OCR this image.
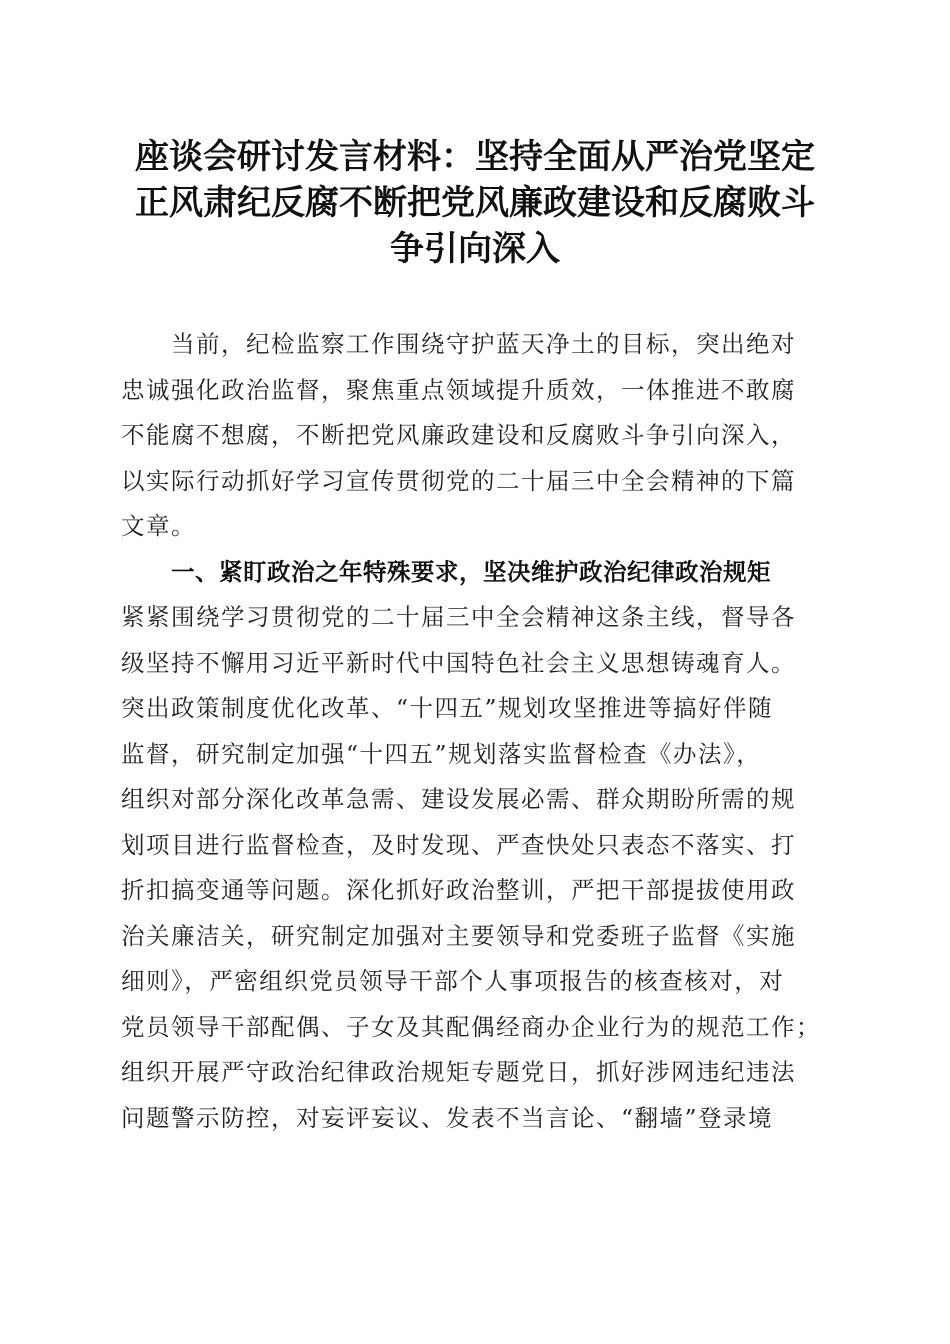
座谈会研讨发言材料：坚持全面从严治党坚定
正风肃纪反腐不断把党风廉政建设和反腐败斗
争引向深入
当前，纪检监察工作围绕守护蓝天净土的目标，突出绝对
忠诚强化政治监督，聚焦重点领域提升质效，一体推进不敢腐
不能腐不想腐，不断把党风廉政建设和反腐败斗争引向深入，
以实际行动抓好学习宣传贯彻党的二十届三中全会精神的下篇
文章。
一、紧盯政治之年特殊要求，坚决维护政治纪律政治规矩
紧紧围绕学习贯彻党的二十届三中全会精神这条主线，督导各
级坚持不懈用习近平新时代中国特色社会主义思想铸魂育人。
突出政策制度优化改革、“十四五”规划攻坚推进等搞好伴随
监督，研究制定加强“十四五”规划落实监督检查《办法》，
组织对部分深化改革急需、建设发展必需、群众期盼所需的规
划项目进行监督检查，及时发现、严查快处只表态不落实、打
折扣搞变通等问题。深化抓好政治整训，严把干部提拔使用政
治关廉洁关，研究制定加强对主要领导和党委班子监督《实施
细则》，严密组织党员领导干部个人事项报告的核查核对，对
党员领导干部配偶、子女及其配偶经商办企业行为的规范工作；
组织开展严守政治纪律政治规矩专题党日，抓好涉网违纪违法
问题警示防控，对妄评妄议、发表不当言论、“翻墙”登录境
